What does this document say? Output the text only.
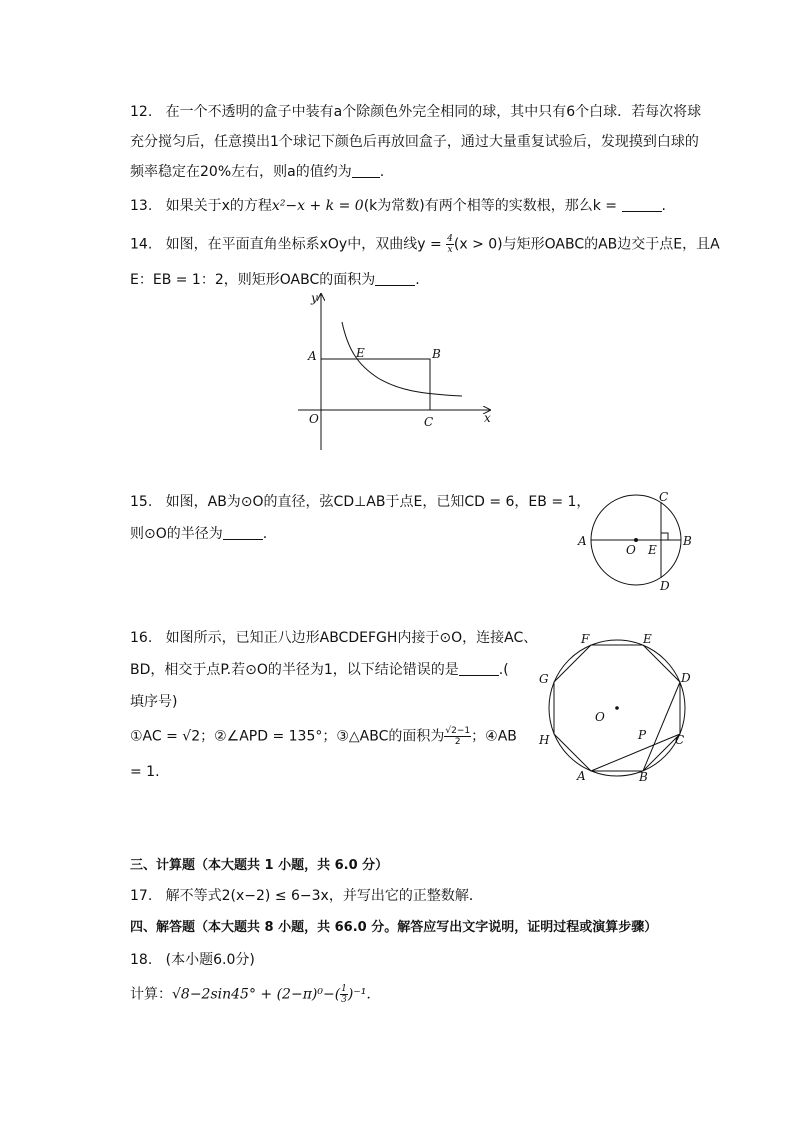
12. 在一个不透明的盒子中装有a个除颜色外完全相同的球，其中只有6个白球．若每次将球
充分搅匀后，任意摸出1个球记下颜色后再放回盒子，通过大量重复试验后，发现摸到白球的
频率稳定在20%左右，则a的值约为 .
13. 如果关于x的方程x²−x + k = 0(k为常数)有两个相等的实数根，那么k =	.
14. 如图，在平面直角坐标系xOy中，双曲线$y = \frac{4}{x} (x > 0)$与矩形OABC的AB边交于点E，且A
E：EB = 1：2，则矩形OABC的面积为	.
y
x
O
A	E	B
C
15. 如图，AB为⊙O的直径，弦CD⊥AB于点E，已知CD = 6，EB = 1，
则⊙O的半径为	.	A
O E
B
C
D
16. 如图所示，已知正八边形ABCDEFGH内接于⊙O，连接AC、
BD，相交于点P.若⊙O的半径为1，以下结论错误的是	.(
填序号)
①AC = √2；②∠APD = 135°；③△ABC的面积为 $\frac{√2-1}{2}$ ；④AB
= 1.
F	E
G	D
O
H	P C
A	B
三、计算题（本大题共 1 小题，共 6.0 分）
17. 解不等式2(x−2) ≤ 6−3x，并写出它的正整数解．
四、解答题（本大题共 8 小题，共 66.0 分。解答应写出文字说明，证明过程或演算步骤）
18. (本小题6.0分)
计算：$√8-2\sin 45^\circ + (2-\pi)^0-( \frac{1}{3} )^{-1}$.
